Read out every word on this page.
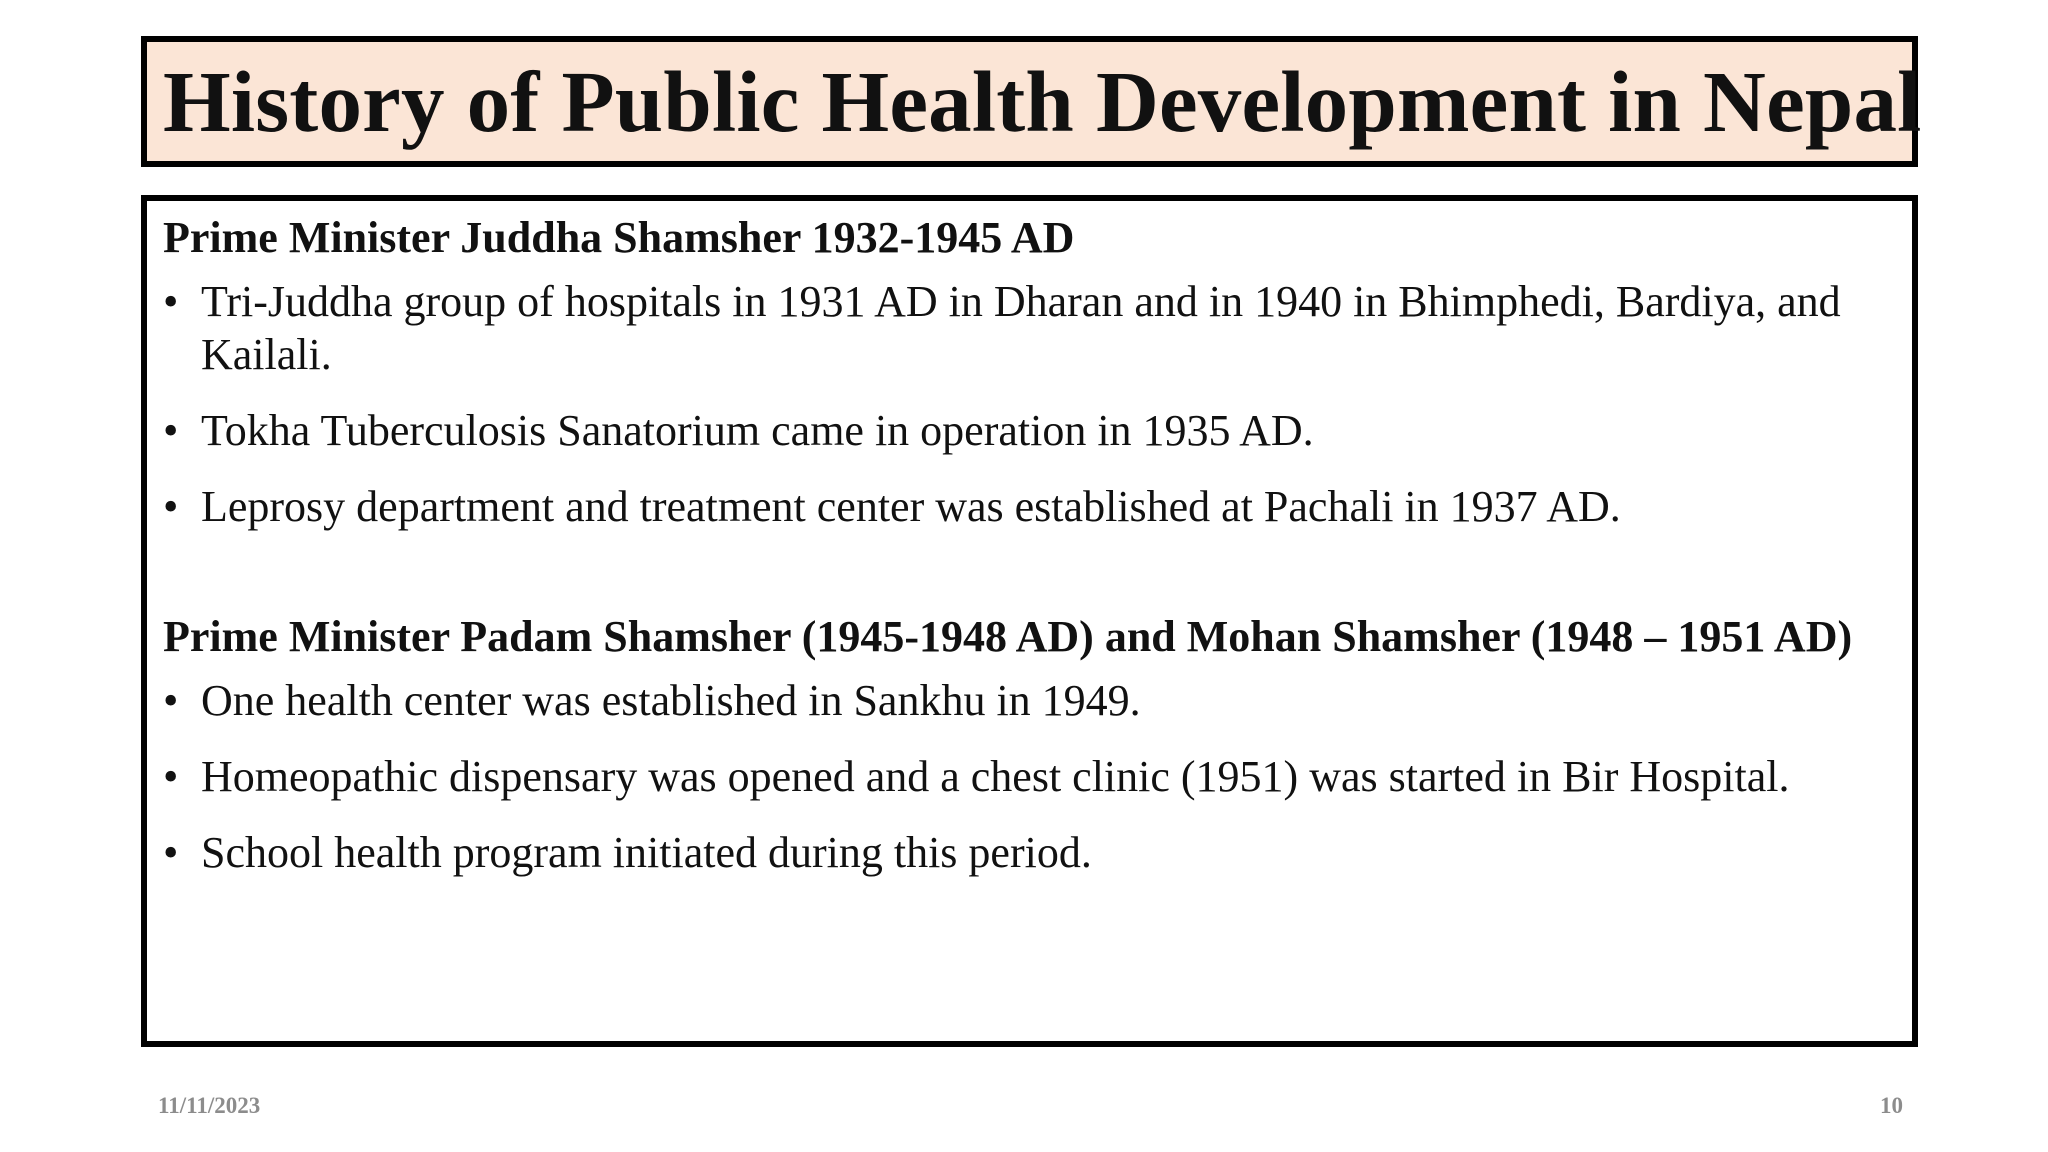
History of Public Health Development in Nepal

Prime Minister Juddha Shamsher 1932-1945 AD

• Tri-Juddha group of hospitals in 1931 AD in Dharan and in 1940 in Bhimphedi, Bardiya, and Kailali.
• Tokha Tuberculosis Sanatorium came in operation in 1935 AD.
• Leprosy department and treatment center was established at Pachali in 1937 AD.

Prime Minister Padam Shamsher (1945-1948 AD) and Mohan Shamsher (1948 – 1951 AD)

• One health center was established in Sankhu in 1949.
• Homeopathic dispensary was opened and a chest clinic (1951) was started in Bir Hospital.
• School health program initiated during this period.
11/11/2023	10
